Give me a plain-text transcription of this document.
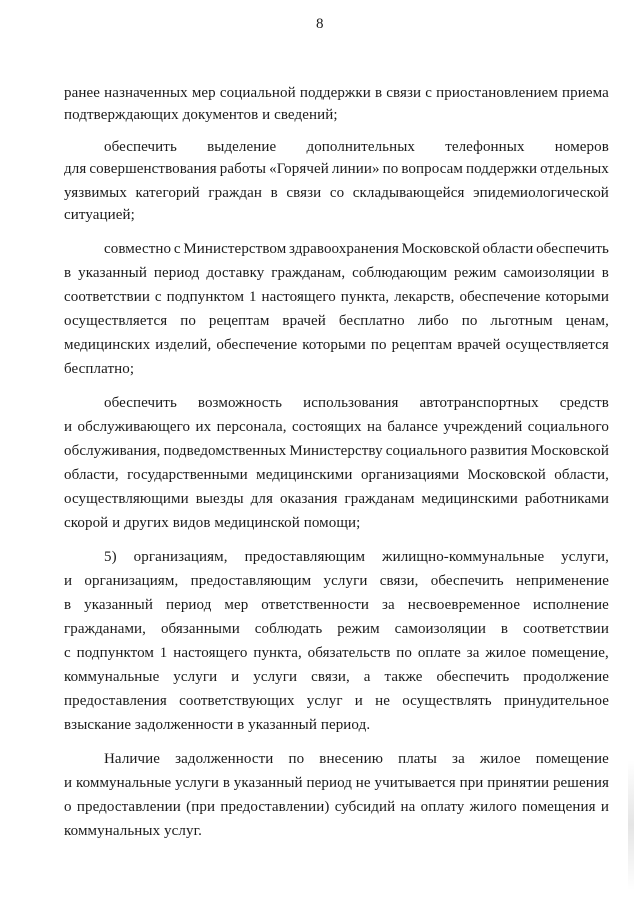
8
ранее назначенных мер социальной поддержки в связи с приостановлением приема
подтверждающих документов и сведений;
обеспечить выделение дополнительных телефонных номеров
для совершенствования работы «Горячей линии» по вопросам поддержки отдельных
уязвимых категорий граждан в связи со складывающейся эпидемиологической
ситуацией;
совместно с Министерством здравоохранения Московской области обеспечить
в указанный период доставку гражданам, соблюдающим режим самоизоляции в
соответствии с подпунктом 1 настоящего пункта, лекарств, обеспечение которыми
осуществляется по рецептам врачей бесплатно либо по льготным ценам,
медицинских изделий, обеспечение которыми по рецептам врачей осуществляется
бесплатно;
обеспечить возможность использования автотранспортных средств
и обслуживающего их персонала, состоящих на балансе учреждений социального
обслуживания, подведомственных Министерству социального развития Московской
области, государственными медицинскими организациями Московской области,
осуществляющими выезды для оказания гражданам медицинскими работниками
скорой и других видов медицинской помощи;
5) организациям, предоставляющим жилищно-коммунальные услуги,
и организациям, предоставляющим услуги связи, обеспечить неприменение
в указанный период мер ответственности за несвоевременное исполнение
гражданами, обязанными соблюдать режим самоизоляции в соответствии
с подпунктом 1 настоящего пункта, обязательств по оплате за жилое помещение,
коммунальные услуги и услуги связи, а также обеспечить продолжение
предоставления соответствующих услуг и не осуществлять принудительное
взыскание задолженности в указанный период.
Наличие задолженности по внесению платы за жилое помещение
и коммунальные услуги в указанный период не учитывается при принятии решения
о предоставлении (при предоставлении) субсидий на оплату жилого помещения и
коммунальных услуг.
